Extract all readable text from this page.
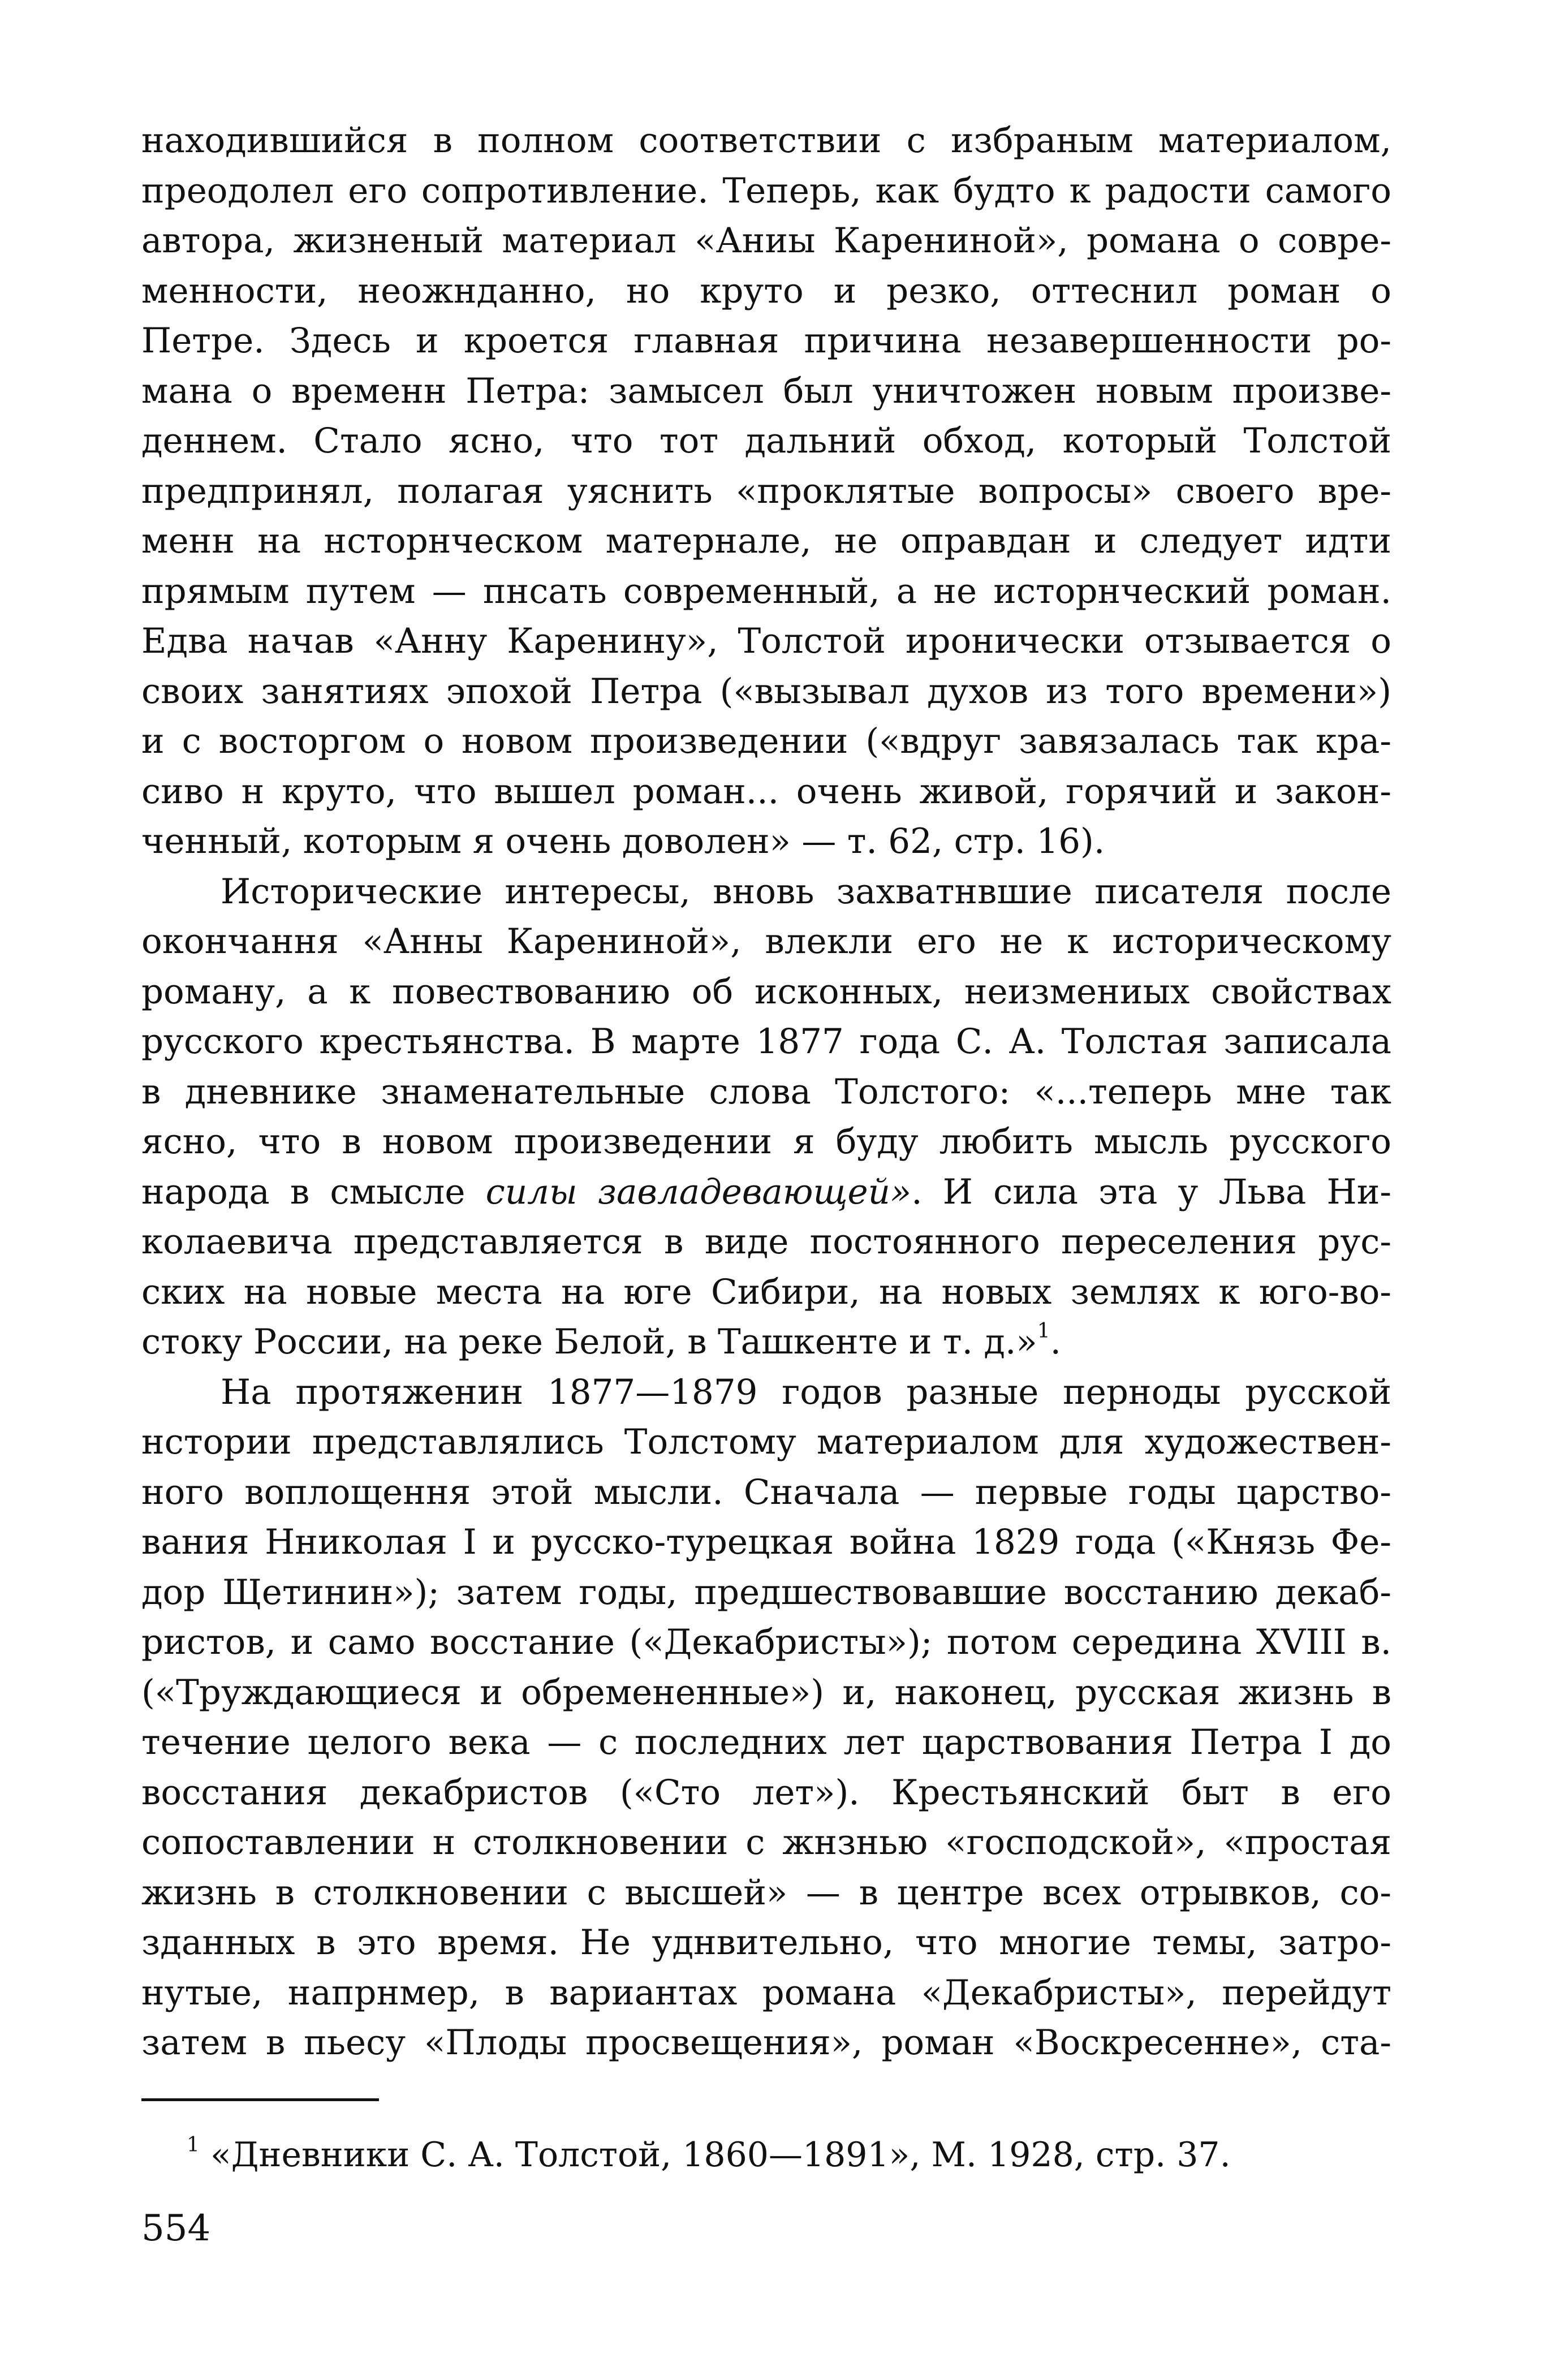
находившийся в полном соответствии с избраным материалом,
преодолел его сопротивление. Теперь, как будто к радости самого
автора, жизненый материал «Аниы Карениной», романа о совре-
менности, неожнданно, но круто и резко, оттеснил роман о
Петре. Здесь и кроется главная причина незавершенности ро-
мана о временн Петра: замысел был уничтожен новым произве-
деннем. Стало ясно, что тот дальний обход, который Толстой
предпринял, полагая уяснить «проклятые вопросы» своего вре-
менн на нсторнческом матернале, не оправдан и следует идти
прямым путем — пнсать современный, а не исторнческий роман.
Едва начав «Анну Каренину», Толстой иронически отзывается о
своих занятиях эпохой Петра («вызывал духов из того времени»)
и с восторгом о новом произведении («вдруг завязалась так кра-
сиво н круто, что вышел роман... очень живой, горячий и закон-
ченный, которым я очень доволен» — т. 62, стр. 16).
Исторические интересы, вновь захватнвшие писателя после
окончання «Анны Карениной», влекли его не к историческому
роману, а к повествованию об исконных, неизмениых свойствах
русского крестьянства. В марте 1877 года С. А. Толстая записала
в дневнике знаменательные слова Толстого: «...теперь мне так
ясно, что в новом произведении я буду любить мысль русского
народа в смысле силы завладевающей». И сила эта у Льва Ни-
колаевича представляется в виде постоянного переселения рус-
ских на новые места на юге Сибири, на новых землях к юго-во-
стоку России, на реке Белой, в Ташкенте и т. д.»$^1$.
На протяженин 1877—1879 годов разные перноды русской
нстории представлялись Толстому материалом для художествен-
ного воплощення этой мысли. Сначала — первые годы царство-
вания Нниколая I и русско-турецкая война 1829 года («Князь Фе-
дор Щетинин»); затем годы, предшествовавшие восстанию декаб-
ристов, и само восстание («Декабристы»); потом середина XVIII в.
(«Труждающиеся и обремененные») и, наконец, русская жизнь в
течение целого века — с последних лет царствования Петра I до
восстания декабристов («Сто лет»). Крестьянский быт в его
сопоставлении н столкновении с жнзнью «господской», «простая
жизнь в столкновении с высшей» — в центре всех отрывков, со-
зданных в это время. Не уднвительно, что многие темы, затро-
нутые, напрнмер, в вариантах романа «Декабристы», перейдут
затем в пьесу «Плоды просвещения», роман «Воскресенне», ста-
$^1$ «Дневники С. А. Толстой, 1860—1891», М. 1928, стр. 37.
554
